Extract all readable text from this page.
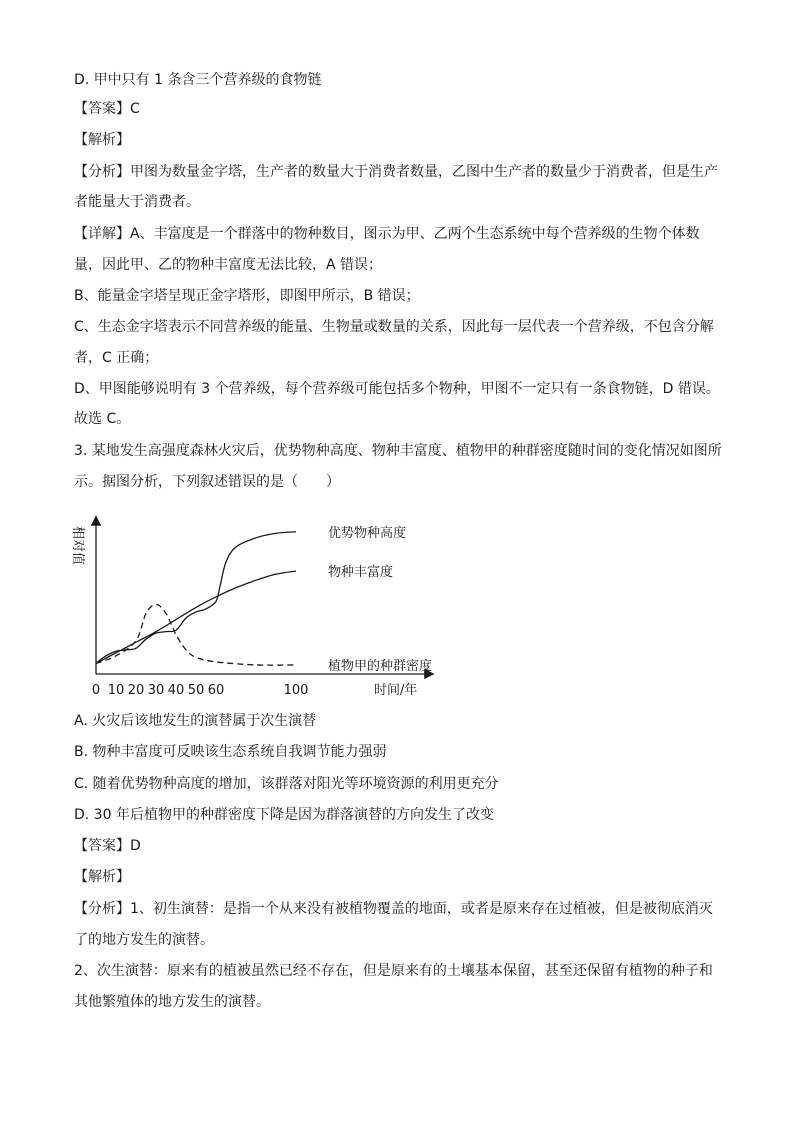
D. 甲中只有 1 条含三个营养级的食物链
【答案】C
【解析】
【分析】甲图为数量金字塔，生产者的数量大于消费者数量，乙图中生产者的数量少于消费者，但是生产
者能量大于消费者。
【详解】A、丰富度是一个群落中的物种数目，图示为甲、乙两个生态系统中每个营养级的生物个体数
量，因此甲、乙的物种丰富度无法比较，A 错误；
B、能量金字塔呈现正金字塔形，即图甲所示，B 错误；
C、生态金字塔表示不同营养级的能量、生物量或数量的关系，因此每一层代表一个营养级，不包含分解
者，C 正确；
D、甲图能够说明有 3 个营养级，每个营养级可能包括多个物种，甲图不一定只有一条食物链，D 错误。
故选 C。
3. 某地发生高强度森林火灾后，优势物种高度、物种丰富度、植物甲的种群密度随时间的变化情况如图所
示。据图分析，下列叙述错误的是（　　）
相对值
时间/年
0 10 20 30 40 50 60	100
优势物种高度
物种丰富度
植物甲的种群密度
A. 火灾后该地发生的演替属于次生演替
B. 物种丰富度可反映该生态系统自我调节能力强弱
C. 随着优势物种高度的增加，该群落对阳光等环境资源的利用更充分
D. 30 年后植物甲的种群密度下降是因为群落演替的方向发生了改变
【答案】D
【解析】
【分析】1、初生演替：是指一个从来没有被植物覆盖的地面，或者是原来存在过植被，但是被彻底消灭
了的地方发生的演替。
2、次生演替：原来有的植被虽然已经不存在，但是原来有的土壤基本保留，甚至还保留有植物的种子和
其他繁殖体的地方发生的演替。
